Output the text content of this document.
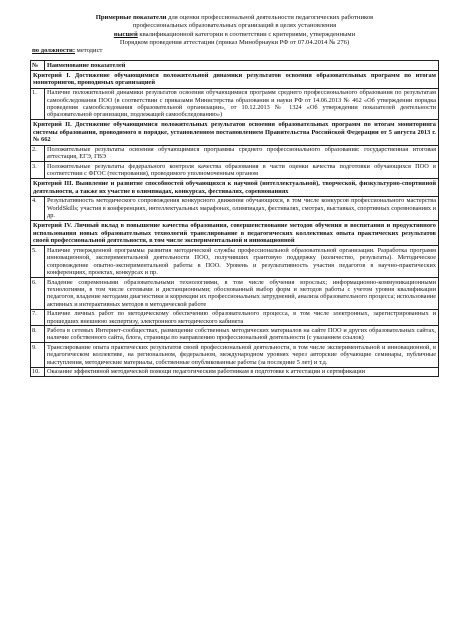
Примерные показатели для оценки профессиональной деятельности педагогических работников
профессиональных образовательных организаций в целях установления
высшей квалификационной категории в соответствии с критериями, утвержденными
Порядком проведения аттестации (приказ Минобрнауки РФ от 07.04.2014 № 276)
по должности: методист
№	Наименование показателей
Критерий I. Достижение обучающимися положительной динамики результатов освоения образовательных программ по итогам мониторингов, проводимых организацией	
1.	Наличие положительной динамики результатов освоения обучающимися программ среднего профессионального образования по результатам самообследования ПОО (в соответствии с приказами Министерства образования и науки РФ от 14.06.2013 № 462 «Об утверждении порядка проведения самообследования образовательной организации», от 10.12.2013 № 1324 «Об утверждении показателей деятельности образовательной организации, подлежащей самообследованию»)
Критерий II. Достижение обучающимися положительных результатов освоения образовательных программ по итогам мониторинга системы образования, проводимого в порядке, установленном постановлением Правительства Российской Федерации от 5 августа 2013 г. № 662	
2.	Положительные результаты освоения обучающимися программы среднего профессионального образования: государственная итоговая аттестация, ЕГЭ, ГВЭ
3.	Положительные результаты федерального контроля качества образования в части оценки качества подготовки обучающихся ПОО в соответствии с ФГОС (тестирования), проводимого уполномоченным органом
Критерий III. Выявление и развитие способностей обучающихся к научной (интеллектуальной), творческой, физкультурно-спортивной деятельности, а также их участие в олимпиадах, конкурсах, фестивалях, соревнованиях	
4.	Результативность методического сопровождения конкурсного движения обучающихся, в том числе конкурсов профессионального мастерства WorldSkills; участия в конференциях, интеллектуальных марафонах, олимпиадах, фестивалях, смотрах, выставках, спортивных соревнованиях и др.
Критерий IV. Личный вклад в повышение качества образования, совершенствование методов обучения и воспитания и продуктивного использования новых образовательных технологий транслирование в педагогических коллективах опыта практических результатов своей профессиональной деятельности, в том числе экспериментальной и инновационной	
5.	Наличие утвержденной программы развития методической службы профессиональной образовательной организации. Разработка программ инновационной, экспериментальной деятельности ПОО, получивших грантовую поддержку (количество, результаты). Методическое сопровождение опытно-экспериментальной работы в ПОО. Уровень и результативность участия педагогов в научно-практических конференциях, проектах, конкурсах и пр.
6.	Владение современными образовательными технологиями, в том числе обучения взрослых; информационно-коммуникационными технологиями, в том числе сетевыми и дистанционными; обоснованный выбор форм и методов работы с учетом уровня квалификации педагогов, владение методами диагностики и коррекции их профессиональных затруднений, анализа образовательного процесса; использование активных и интерактивных методов в методической работе
7.	Наличие личных работ по методическому обеспечению образовательного процесса, в том числе электронных, зарегистрированных и прошедших внешнюю экспертизу, электронного методического кабинета
8.	Работа в сетевых Интернет-сообществах, размещение собственных методических материалов на сайте ПОО и других образовательных сайтах, наличие собственного сайта, блога, страницы по направлению профессиональной деятельности (с указанием ссылок)
9.	Транслирование опыта практических результатов своей профессиональной деятельности, в том числе экспериментальной и инновационной, в педагогическом коллективе, на региональном, федеральном, международном уровнях через авторские обучающие семинары, публичные выступления, методические материалы, собственные опубликованные работы (за последние 5 лет) и т.д.
10.	Оказание эффективной методической помощи педагогическим работникам в подготовке к аттестации и сертификации
